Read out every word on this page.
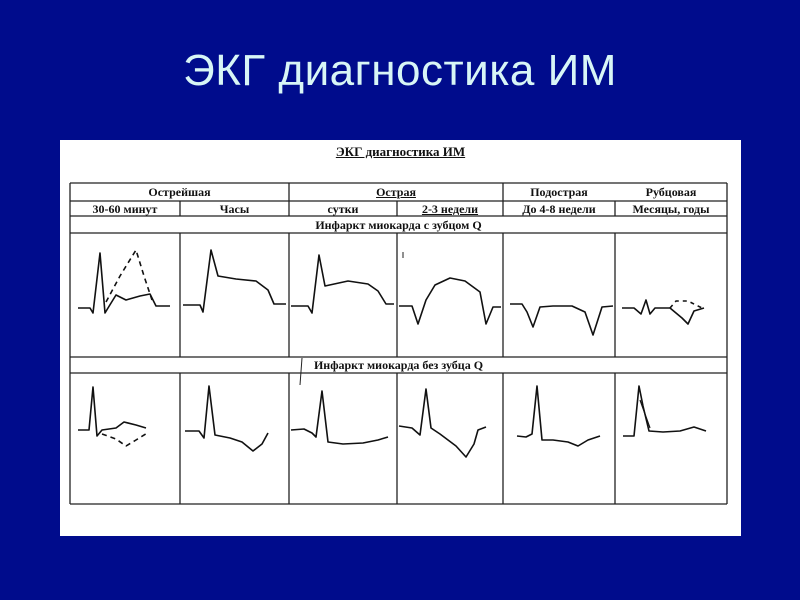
ЭКГ диагностика ИМ
ЭКГ диагностика ИМ
Острейшая	Острая	Подострая	Рубцовая
30-60 минут	Часы	сутки	2-3 недели	До 4-8 недели	Месяцы, годы
Инфаркт миокарда с зубцом Q
Инфаркт миокарда без зубца Q
